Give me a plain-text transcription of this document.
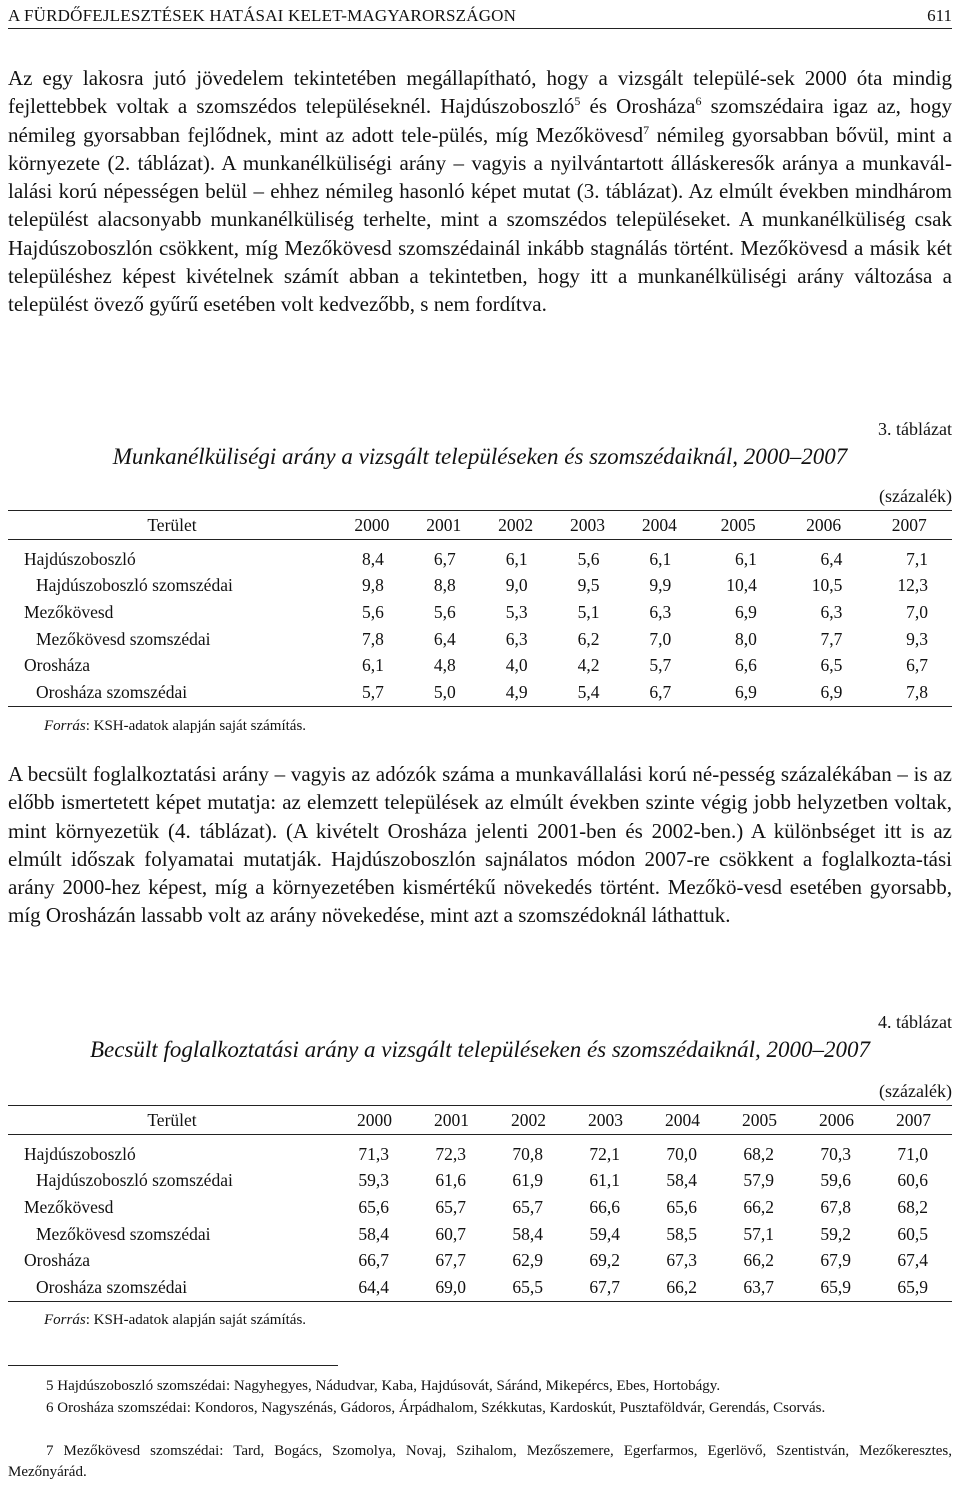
A FÜRDŐFEJLESZTÉSEK HATÁSAI KELET-MAGYARORSZÁGON	611

Az egy lakosra jutó jövedelem tekintetében megállapítható, hogy a vizsgált települé-sek 2000 óta mindig fejlettebbek voltak a szomszédos településeknél. Hajdúszoboszló$^5$ és Orosháza$^6$ szomszédaira igaz az, hogy némileg gyorsabban fejlődnek, mint az adott tele-pülés, míg Mezőkövesd$^7$ némileg gyorsabban bővül, mint a környezete (2. táblázat). A munkanélküliségi arány – vagyis a nyilvántartott álláskeresők aránya a munkavál-lalási korú népességen belül – ehhez némileg hasonló képet mutat (3. táblázat). Az elmúlt években mindhárom települést alacsonyabb munkanélküliség terhelte, mint a szomszédos településeket. A munkanélküliség csak Hajdúszoboszlón csökkent, míg Mezőkövesd szomszédainál inkább stagnálás történt. Mezőkövesd a másik két településhez képest kivételnek számít abban a tekintetben, hogy itt a munkanélküliségi arány változása a települést övező gyűrű esetében volt kedvezőbb, s nem fordítva.

3. táblázat
Munkanélküliségi arány a vizsgált településeken és szomszédaiknál, 2000–2007
(százalék)
Terület	2000	2001	2002	2003	2004	2005	2006	2007
Hajdúszoboszló	8,4	6,7	6,1	5,6	6,1	6,1	6,4	7,1
Hajdúszoboszló szomszédai	9,8	8,8	9,0	9,5	9,9	10,4	10,5	12,3
Mezőkövesd	5,6	5,6	5,3	5,1	6,3	6,9	6,3	7,0
Mezőkövesd szomszédai	7,8	6,4	6,3	6,2	7,0	8,0	7,7	9,3
Orosháza	6,1	4,8	4,0	4,2	5,7	6,6	6,5	6,7
Orosháza szomszédai	5,7	5,0	4,9	5,4	6,7	6,9	6,9	7,8
Forrás: KSH-adatok alapján saját számítás.

A becsült foglalkoztatási arány – vagyis az adózók száma a munkavállalási korú né-pesség százalékában – is az előbb ismertetett képet mutatja: az elemzett települések az elmúlt években szinte végig jobb helyzetben voltak, mint környezetük (4. táblázat). (A kivételt Orosháza jelenti 2001-ben és 2002-ben.) A különbséget itt is az elmúlt időszak folyamatai mutatják. Hajdúszoboszlón sajnálatos módon 2007-re csökkent a foglalkozta-tási arány 2000-hez képest, míg a környezetében kismértékű növekedés történt. Mezőkö-vesd esetében gyorsabb, míg Orosházán lassabb volt az arány növekedése, mint azt a szomszédoknál láthattuk.

4. táblázat
Becsült foglalkoztatási arány a vizsgált településeken és szomszédaiknál, 2000–2007
(százalék)
Terület	2000	2001	2002	2003	2004	2005	2006	2007
Hajdúszoboszló	71,3	72,3	70,8	72,1	70,0	68,2	70,3	71,0
Hajdúszoboszló szomszédai	59,3	61,6	61,9	61,1	58,4	57,9	59,6	60,6
Mezőkövesd	65,6	65,7	65,7	66,6	65,6	66,2	67,8	68,2
Mezőkövesd szomszédai	58,4	60,7	58,4	59,4	58,5	57,1	59,2	60,5
Orosháza	66,7	67,7	62,9	69,2	67,3	66,2	67,9	67,4
Orosháza szomszédai	64,4	69,0	65,5	67,7	66,2	63,7	65,9	65,9
Forrás: KSH-adatok alapján saját számítás.

5 Hajdúszoboszló szomszédai: Nagyhegyes, Nádudvar, Kaba, Hajdúsovát, Sáránd, Mikepércs, Ebes, Hortobágy.

6 Orosháza szomszédai: Kondoros, Nagyszénás, Gádoros, Árpádhalom, Székkutas, Kardoskút, Pusztaföldvár, Gerendás, Csorvás.

7 Mezőkövesd szomszédai: Tard, Bogács, Szomolya, Novaj, Szihalom, Mezőszemere, Egerfarmos, Egerlövő, Szentistván, Mezőkeresztes, Mezőnyárád.
